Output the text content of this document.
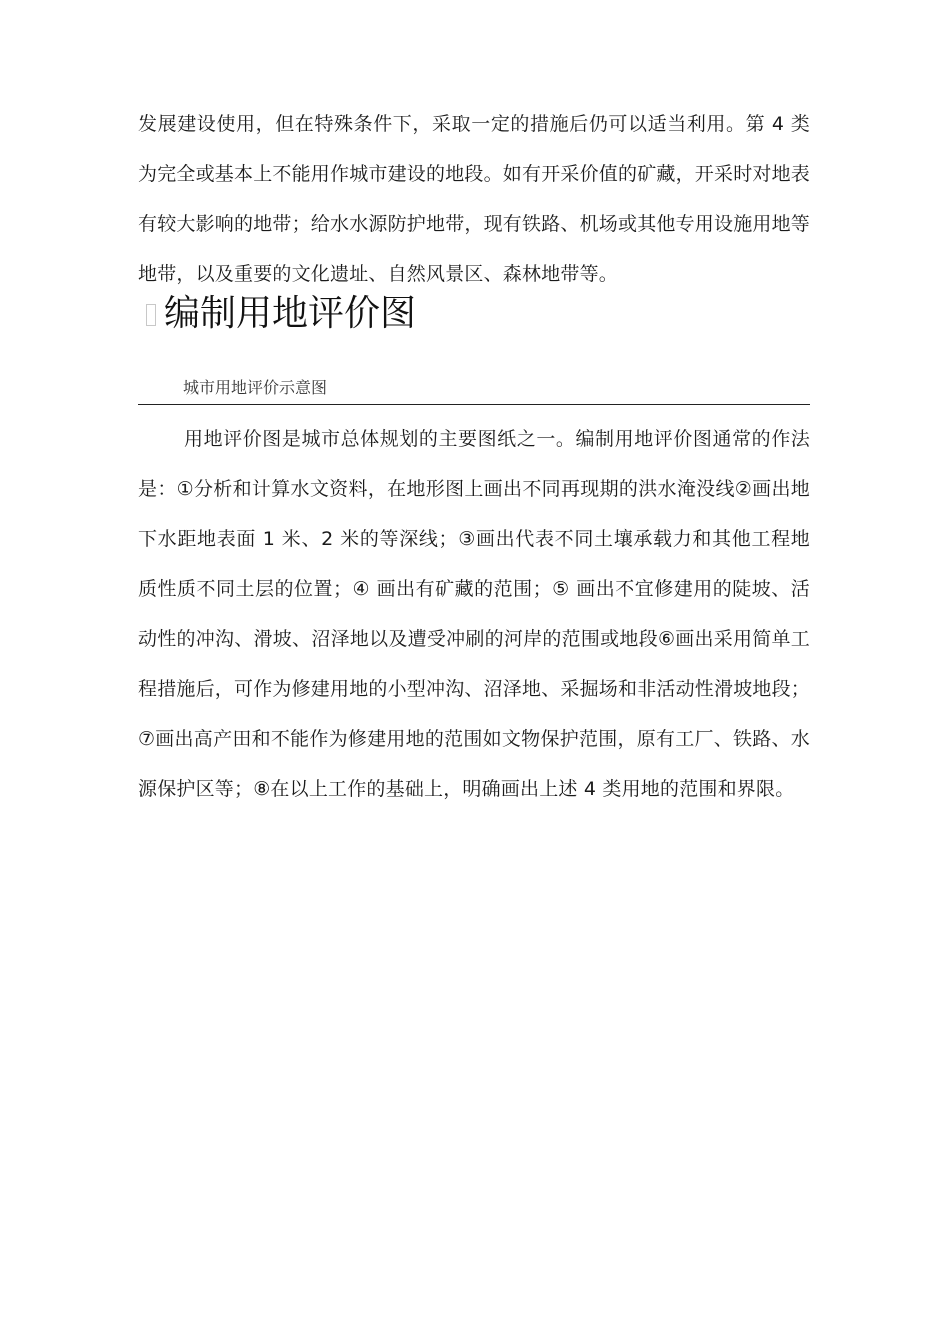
发展建设使用，但在特殊条件下，采取一定的措施后仍可以适当利用。第 4 类为完全或基本上不能用作城市建设的地段。如有开采价值的矿藏，开采时对地表有较大影响的地带；给水水源防护地带，现有铁路、机场或其他专用设施用地等地带，以及重要的文化遗址、自然风景区、森林地带等。

编制用地评价图

城市用地评价示意图

用地评价图是城市总体规划的主要图纸之一。编制用地评价图通常的作法是：①分析和计算水文资料，在地形图上画出不同再现期的洪水淹没线②画出地下水距地表面 1 米、2 米的等深线；③画出代表不同土壤承载力和其他工程地质性质不同土层的位置；④ 画出有矿藏的范围；⑤ 画出不宜修建用的陡坡、活动性的冲沟、滑坡、沼泽地以及遭受冲刷的河岸的范围或地段⑥画出采用简单工程措施后，可作为修建用地的小型冲沟、沼泽地、采掘场和非活动性滑坡地段；⑦画出高产田和不能作为修建用地的范围如文物保护范围，原有工厂、铁路、水源保护区等；⑧在以上工作的基础上，明确画出上述 4 类用地的范围和界限。
